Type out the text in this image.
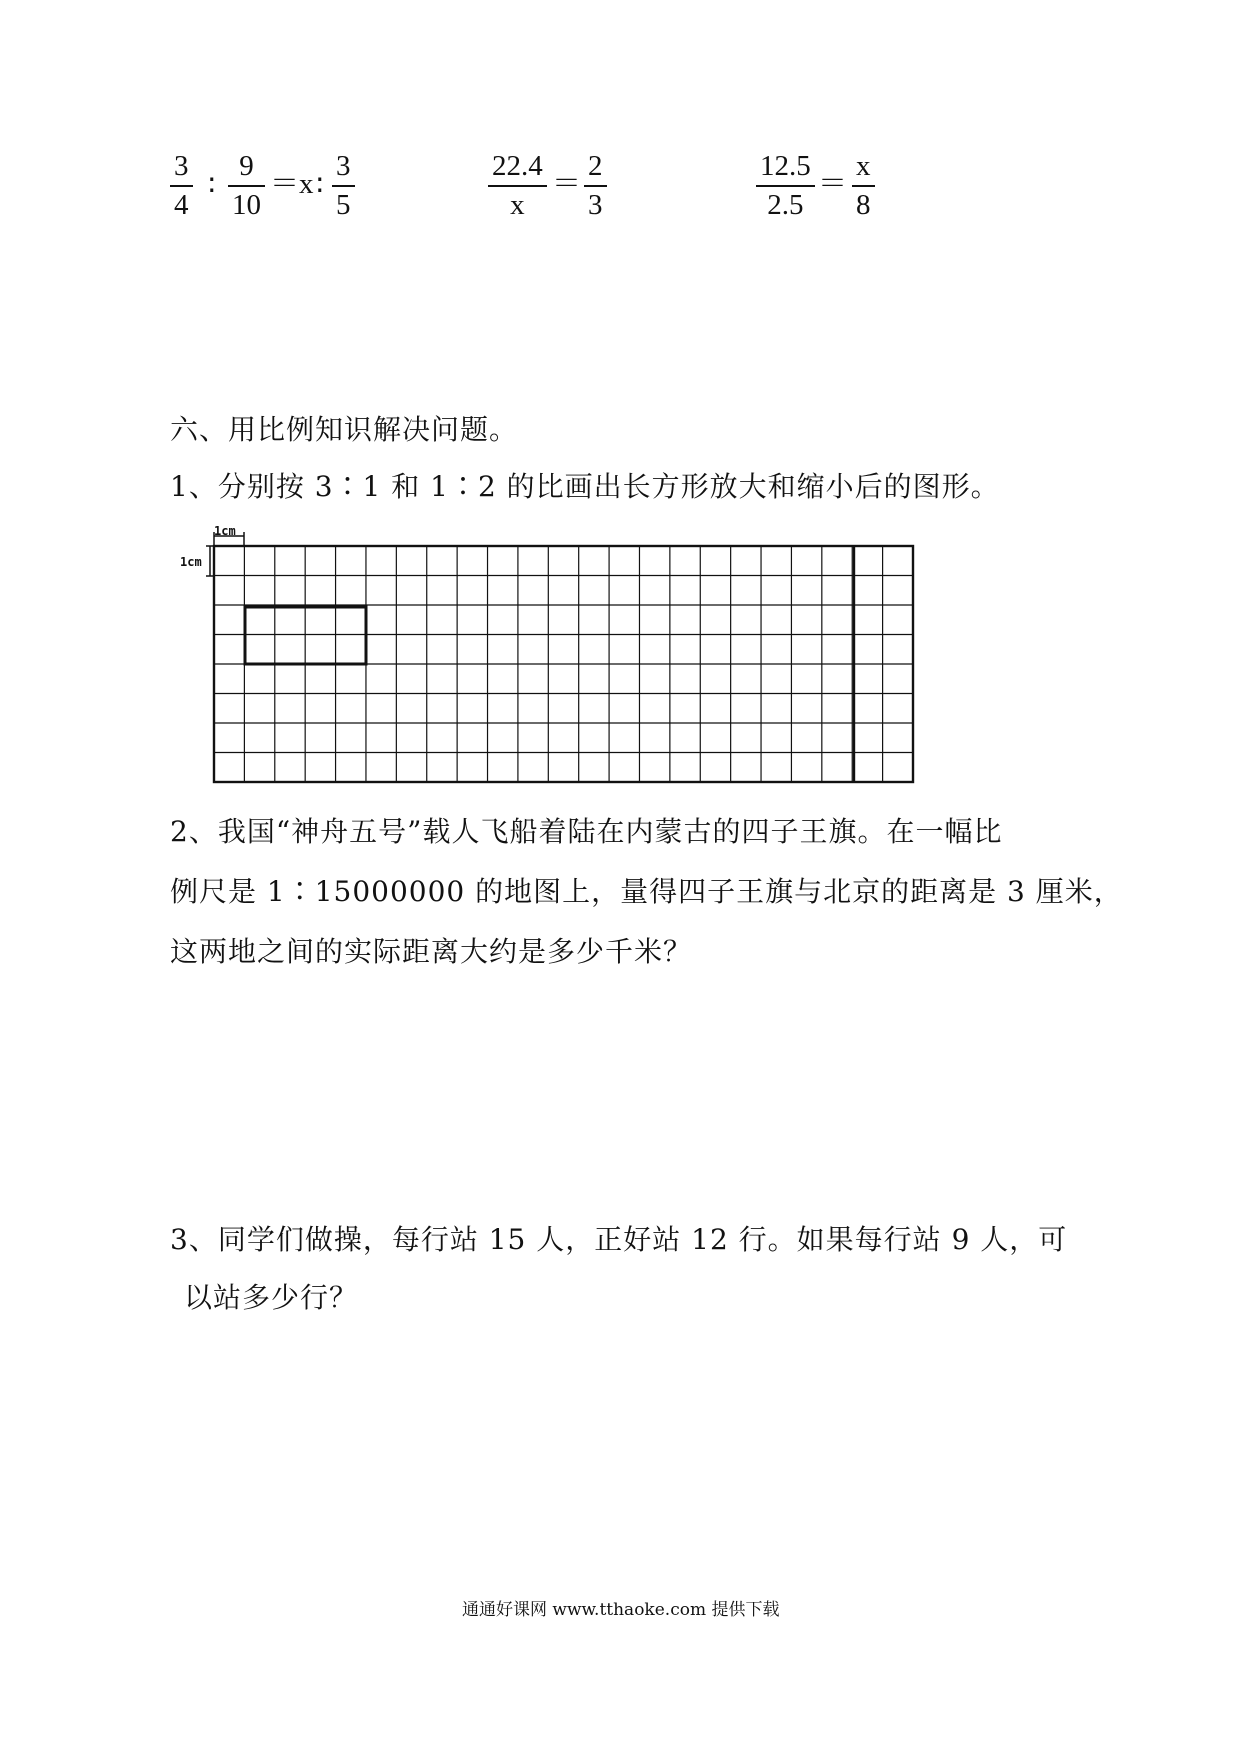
3
4
∶
9
10
＝x ∶
3
5
22.4
x
＝
2
3
12.5
2.5
＝
x
8
六、用比例知识解决问题。
1、分别按 3∶1 和 1∶2 的比画出长方形放大和缩小后的图形。
1cm
1cm
2、我国“神舟五号”载人飞船着陆在内蒙古的四子王旗。在一幅比
例尺是 1∶15000000 的地图上，量得四子王旗与北京的距离是 3 厘米，
这两地之间的实际距离大约是多少千米？
3、同学们做操，每行站 15 人，正好站 12 行。如果每行站 9 人，可
以站多少行？
通通好课网 www.tthaoke.com 提供下载
